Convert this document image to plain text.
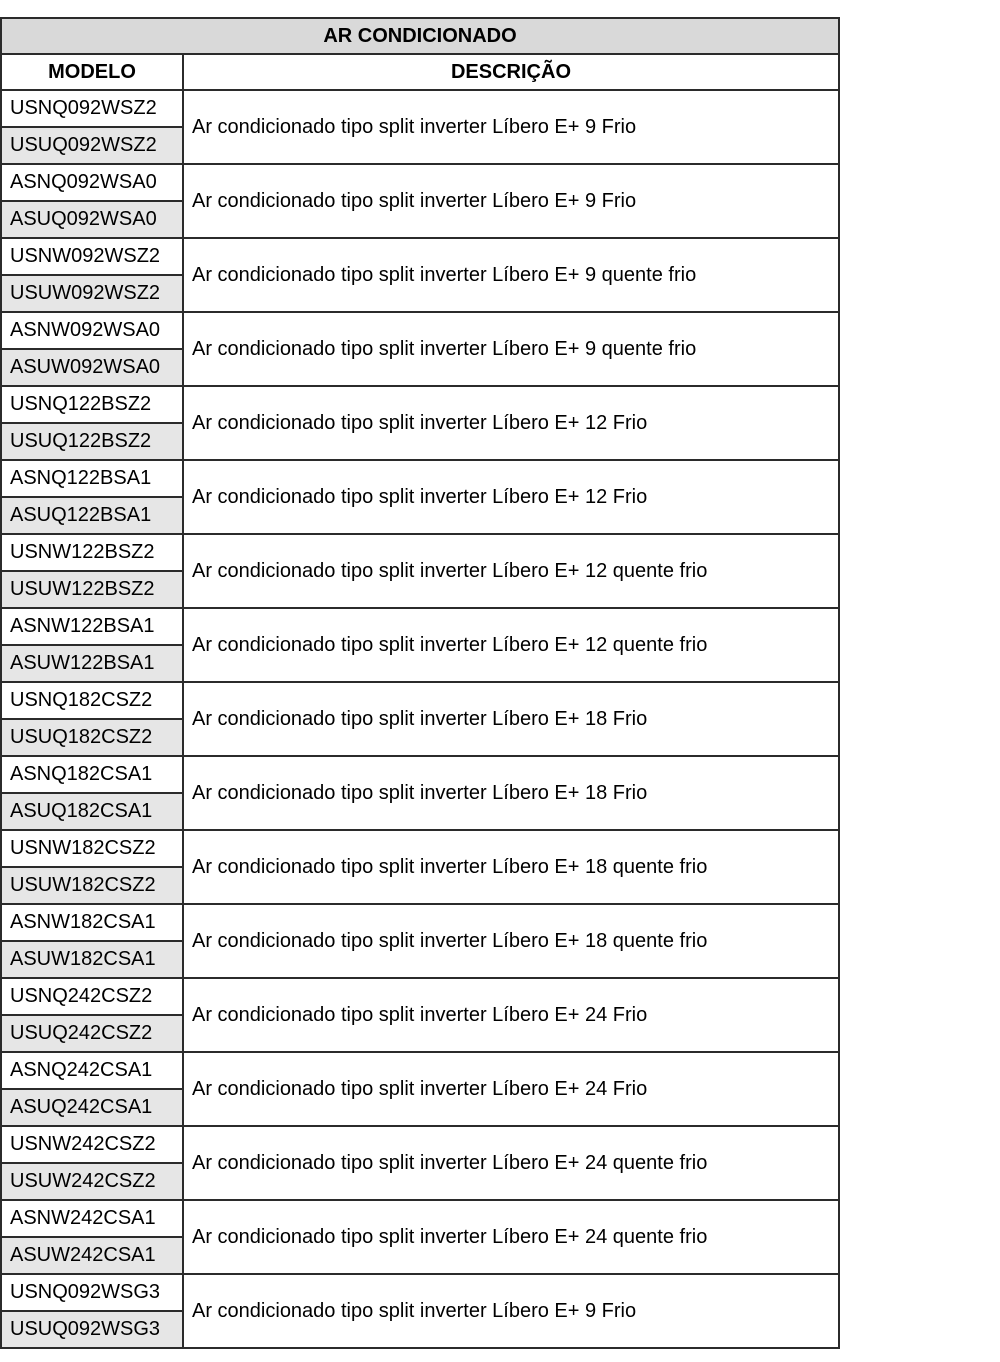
AR CONDICIONADO	
MODELO	DESCRIÇÃO
USNQ092WSZ2	Ar condicionado tipo split inverter Líbero E+ 9 Frio
USUQ092WSZ2	
ASNQ092WSA0	Ar condicionado tipo split inverter Líbero E+ 9 Frio
ASUQ092WSA0	
USNW092WSZ2	Ar condicionado tipo split inverter Líbero E+ 9 quente frio
USUW092WSZ2	
ASNW092WSA0	Ar condicionado tipo split inverter Líbero E+ 9 quente frio
ASUW092WSA0	
USNQ122BSZ2	Ar condicionado tipo split inverter Líbero E+ 12 Frio
USUQ122BSZ2	
ASNQ122BSA1	Ar condicionado tipo split inverter Líbero E+ 12 Frio
ASUQ122BSA1	
USNW122BSZ2	Ar condicionado tipo split inverter Líbero E+ 12 quente frio
USUW122BSZ2	
ASNW122BSA1	Ar condicionado tipo split inverter Líbero E+ 12 quente frio
ASUW122BSA1	
USNQ182CSZ2	Ar condicionado tipo split inverter Líbero E+ 18 Frio
USUQ182CSZ2	
ASNQ182CSA1	Ar condicionado tipo split inverter Líbero E+ 18 Frio
ASUQ182CSA1	
USNW182CSZ2	Ar condicionado tipo split inverter Líbero E+ 18 quente frio
USUW182CSZ2	
ASNW182CSA1	Ar condicionado tipo split inverter Líbero E+ 18 quente frio
ASUW182CSA1	
USNQ242CSZ2	Ar condicionado tipo split inverter Líbero E+ 24 Frio
USUQ242CSZ2	
ASNQ242CSA1	Ar condicionado tipo split inverter Líbero E+ 24 Frio
ASUQ242CSA1	
USNW242CSZ2	Ar condicionado tipo split inverter Líbero E+ 24 quente frio
USUW242CSZ2	
ASNW242CSA1	Ar condicionado tipo split inverter Líbero E+ 24 quente frio
ASUW242CSA1	
USNQ092WSG3	Ar condicionado tipo split inverter Líbero E+ 9 Frio
USUQ092WSG3	
